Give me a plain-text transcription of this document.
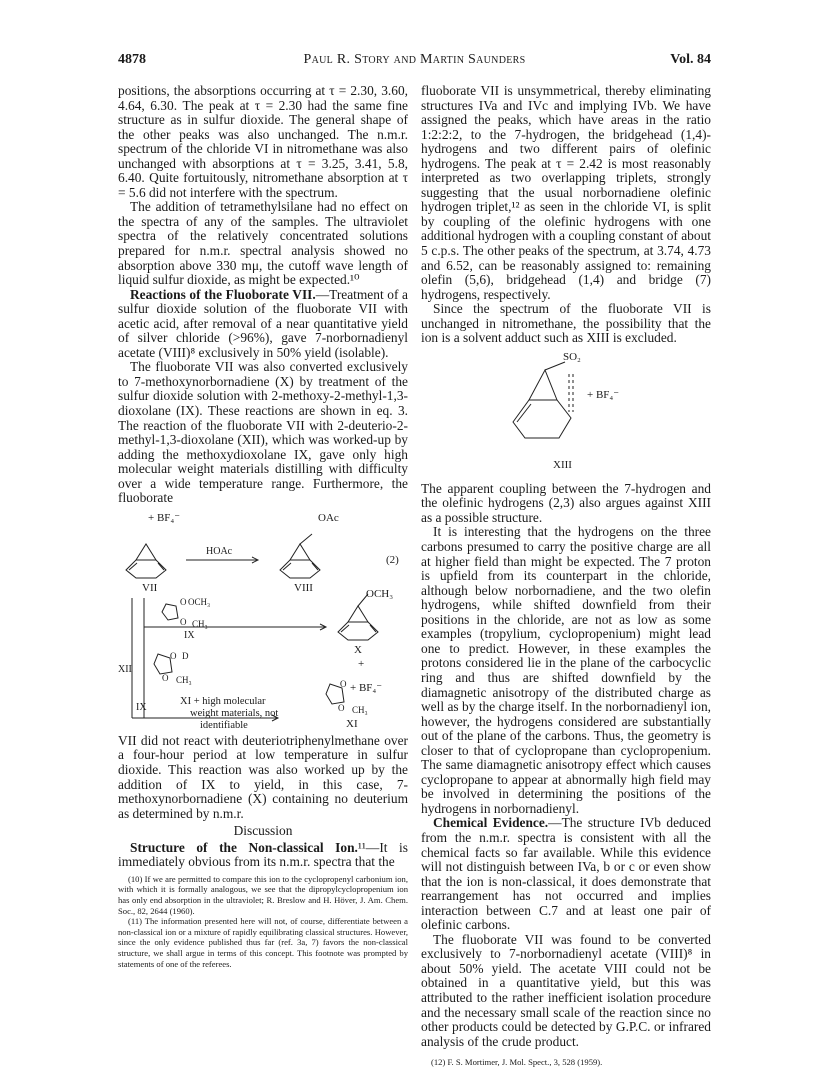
4878	Paul R. Story and Martin Saunders	Vol. 84

positions, the absorptions occurring at τ = 2.30, 3.60, 4.64, 6.30. The peak at τ = 2.30 had the same fine structure as in sulfur dioxide. The general shape of the other peaks was also unchanged. The n.m.r. spectrum of the chloride VI in nitromethane was also unchanged with absorptions at τ = 3.25, 3.41, 5.8, 6.40. Quite fortuitously, nitromethane absorption at τ = 5.6 did not interfere with the spectrum.

The addition of tetramethylsilane had no effect on the spectra of any of the samples. The ultraviolet spectra of the relatively concentrated solutions prepared for n.m.r. spectral analysis showed no absorption above 330 mμ, the cutoff wave length of liquid sulfur dioxide, as might be expected.¹⁰

Reactions of the Fluoborate VII.—Treatment of a sulfur dioxide solution of the fluoborate VII with acetic acid, after removal of a near quantitative yield of silver chloride (>96%), gave 7-norbornadienyl acetate (VIII)⁸ exclusively in 50% yield (isolable).

The fluoborate VII was also converted exclusively to 7-methoxynorbornadiene (X) by treatment of the sulfur dioxide solution with 2-methoxy-2-methyl-1,3-dioxolane (IX). These reactions are shown in eq. 3. The reaction of the fluoborate VII with 2-deuterio-2-methyl-1,3-dioxolane (XII), which was worked-up by adding the methoxydioxolane IX, gave only high molecular weight materials distilling with difficulty over a wide temperature range. Furthermore, the fluoborate

+ BF₄⁻
HOAc
OAc
(2)
VII	VIII	OCH₃
O OCH₃
O CH₃
IX
X
+
O D
O CH₃
XII
XI + high molecular
weight materials, not
identifiable
IX
O + BF₄⁻
O CH₃
XI

VII did not react with deuteriotriphenylmethane over a four-hour period at low temperature in sulfur dioxide. This reaction was also worked up by the addition of IX to yield, in this case, 7-methoxynorbornadiene (X) containing no deuterium as determined by n.m.r.

Discussion

Structure of the Non-classical Ion.¹¹—It is immediately obvious from its n.m.r. spectra that the

(10) If we are permitted to compare this ion to the cyclopropenyl carbonium ion, with which it is formally analogous, we see that the dipropylcyclopropenium ion has only end absorption in the ultraviolet; R. Breslow and H. Höver, J. Am. Chem. Soc., 82, 2644 (1960).

(11) The information presented here will not, of course, differentiate between a non-classical ion or a mixture of rapidly equilibrating classical structures. However, since the only evidence published thus far (ref. 3a, 7) favors the non-classical structure, we shall argue in terms of this concept. This footnote was prompted by statements of one of the referees.

fluoborate VII is unsymmetrical, thereby eliminating structures IVa and IVc and implying IVb. We have assigned the peaks, which have areas in the ratio 1:2:2:2, to the 7-hydrogen, the bridgehead (1,4)-hydrogens and two different pairs of olefinic hydrogens. The peak at τ = 2.42 is most reasonably interpreted as two overlapping triplets, strongly suggesting that the usual norbornadiene olefinic hydrogen triplet,¹² as seen in the chloride VI, is split by coupling of the olefinic hydrogens with one additional hydrogen with a coupling constant of about 5 c.p.s. The other peaks of the spectrum, at 3.74, 4.73 and 6.52, can be reasonably assigned to: remaining olefin (5,6), bridgehead (1,4) and bridge (7) hydrogens, respectively.

Since the spectrum of the fluoborate VII is unchanged in nitromethane, the possibility that the ion is a solvent adduct such as XIII is excluded.

SO₂
+ BF₄⁻
XIII

The apparent coupling between the 7-hydrogen and the olefinic hydrogens (2,3) also argues against XIII as a possible structure.

It is interesting that the hydrogens on the three carbons presumed to carry the positive charge are all at higher field than might be expected. The 7 proton is upfield from its counterpart in the chloride, although below norbornadiene, and the two olefin hydrogens, while shifted downfield from their positions in the chloride, are not as low as some examples (tropylium, cyclopropenium) might lead one to predict. However, in these examples the protons considered lie in the plane of the carbocyclic ring and thus are shifted downfield by the diamagnetic anisotropy of the distributed charge as well as by the charge itself. In the norbornadienyl ion, however, the hydrogens considered are substantially out of the plane of the carbons. Thus, the geometry is closer to that of cyclopropane than cyclopropenium. The same diamagnetic anisotropy effect which causes cyclopropane to appear at abnormally high field may be involved in determining the positions of the hydrogens in norbornadienyl.

Chemical Evidence.—The structure IVb deduced from the n.m.r. spectra is consistent with all the chemical facts so far available. While this evidence will not distinguish between IVa, b or c or even show that the ion is non-classical, it does demonstrate that rearrangement has not occurred and implies interaction between C.7 and at least one pair of olefinic carbons.

The fluoborate VII was found to be converted exclusively to 7-norbornadienyl acetate (VIII)⁸ in about 50% yield. The acetate VIII could not be obtained in a quantitative yield, but this was attributed to the rather inefficient isolation procedure and the necessary small scale of the reaction since no other products could be detected by G.P.C. or infrared analysis of the crude product.

(12) F. S. Mortimer, J. Mol. Spect., 3, 528 (1959).
